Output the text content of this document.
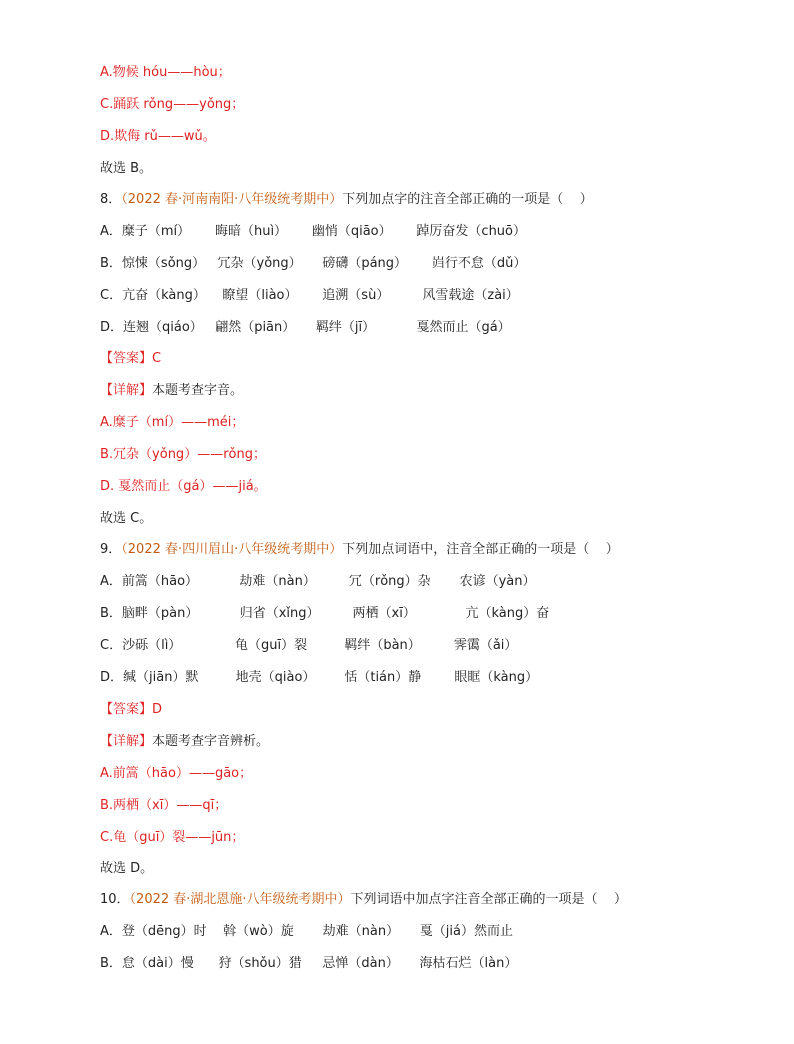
A.物候 hóu——hòu；
C.踊跃 rǒng——yǒng；
D.欺侮 rǔ——wǔ。
故选 B。
8．（2022 春·河南南阳·八年级统考期中）下列加点字的注音全部正确的一项是（    ）
A．糜子（mí）      晦暗（huì）      幽悄（qiāo）      踔厉奋发（chuō）
B．惊悚（sǒng）   冗杂（yǒng）     磅礴（páng）      岿行不怠（dǔ）
C．亢奋（kàng）    瞭望（liào）      追溯（sù）        风雪载途（zài）
D．连翘（qiáo）   翩然（piān）     羁绊（jī）          戛然而止（gá）
【答案】C
【详解】本题考查字音。
A.糜子（mí）——méi；
B.冗杂（yǒng）——rǒng；
D. 戛然而止（gá）——jiá。
故选 C。
9．（2022 春·四川眉山·八年级统考期中）下列加点词语中，注音全部正确的一项是（    ）
A．前篙（hāo）          劫难（nàn）        冗（rǒng）杂       农谚（yàn）
B．脑畔（pàn）          归省（xǐng）        两栖（xī）            亢（kàng）奋
C．沙砾（lì）             龟（guī）裂         羁绊（bàn）        霁霭（ǎi）
D．缄（jiān）默         地壳（qiào）       恬（tián）静        眼眶（kàng）
【答案】D
【详解】本题考查字音辨析。
A.前篙（hāo）——gāo；
B.两栖（xī）——qī；
C.龟（guī）裂——jūn；
故选 D。
10．（2022 春·湖北恩施·八年级统考期中）下列词语中加点字注音全部正确的一项是（    ）
A．登（dēng）时    斡（wò）旋       劫难（nàn）     戛（jiá）然而止
B．怠（dài）慢      狩（shǒu）猎     忌惮（dàn）     海枯石烂（làn）
